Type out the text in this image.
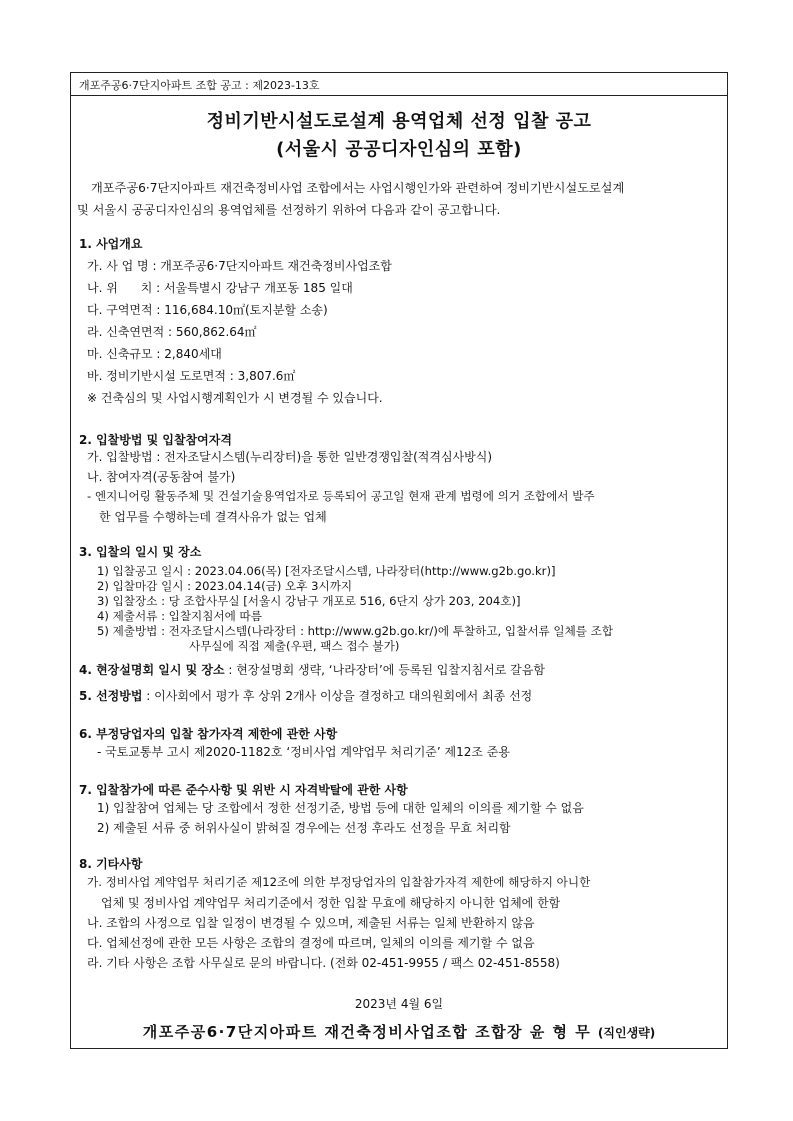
개포주공6·7단지아파트 조합 공고 : 제2023-13호
정비기반시설도로설계 용역업체 선정 입찰 공고
(서울시 공공디자인심의 포함)
개포주공6·7단지아파트 재건축정비사업 조합에서는 사업시행인가와 관련하여 정비기반시설도로설계
및 서울시 공공디자인심의 용역업체를 선정하기 위하여 다음과 같이 공고합니다.
1. 사업개요
가. 사 업 명 : 개포주공6·7단지아파트 재건축정비사업조합
나. 위      치 : 서울특별시 강남구 개포동 185 일대
다. 구역면적 : 116,684.10㎡(토지분할 소송)
라. 신축연면적 : 560,862.64㎡
마. 신축규모 : 2,840세대
바. 정비기반시설 도로면적 : 3,807.6㎡
※ 건축심의 및 사업시행계획인가 시 변경될 수 있습니다.
2. 입찰방법 및 입찰참여자격
가. 입찰방법 : 전자조달시스템(누리장터)을 통한 일반경쟁입찰(적격심사방식)
나. 참여자격(공동참여 불가)
- 엔지니어링 활동주체 및 건설기술용역업자로 등록되어 공고일 현재 관계 법령에 의거 조합에서 발주
한 업무를 수행하는데 결격사유가 없는 업체
3. 입찰의 일시 및 장소
1) 입찰공고 일시 : 2023.04.06(목) [전자조달시스템, 나라장터(http://www.g2b.go.kr)]
2) 입찰마감 일시 : 2023.04.14(금) 오후 3시까지
3) 입찰장소 : 당 조합사무실 [서울시 강남구 개포로 516, 6단지 상가 203, 204호)]
4) 제출서류 : 입찰지침서에 따름
5) 제출방법 : 전자조달시스템(나라장터 : http://www.g2b.go.kr/)에 투찰하고, 입찰서류 일체를 조합
사무실에 직접 제출(우편, 팩스 접수 불가)
4. 현장설명회 일시 및 장소 : 현장설명회 생략, ‘나라장터’에 등록된 입찰지침서로 갈음함
5. 선정방법 : 이사회에서 평가 후 상위 2개사 이상을 결정하고 대의원회에서 최종 선정
6. 부정당업자의 입찰 참가자격 제한에 관한 사항
- 국토교통부 고시 제2020-1182호 ‘정비사업 계약업무 처리기준’ 제12조 준용
7. 입찰참가에 따른 준수사항 및 위반 시 자격박탈에 관한 사항
1) 입찰참여 업체는 당 조합에서 정한 선정기준, 방법 등에 대한 일체의 이의를 제기할 수 없음
2) 제출된 서류 중 허위사실이 밝혀질 경우에는 선정 후라도 선정을 무효 처리함
8. 기타사항
가. 정비사업 계약업무 처리기준 제12조에 의한 부정당업자의 입찰참가자격 제한에 해당하지 아니한
업체 및 정비사업 계약업무 처리기준에서 정한 입찰 무효에 해당하지 아니한 업체에 한함
나. 조합의 사정으로 입찰 일정이 변경될 수 있으며, 제출된 서류는 일체 반환하지 않음
다. 업체선정에 관한 모든 사항은 조합의 결정에 따르며, 일체의 이의를 제기할 수 없음
라. 기타 사항은 조합 사무실로 문의 바랍니다. (전화 02-451-9955 / 팩스 02-451-8558)
2023년 4월 6일
개포주공6·7단지아파트 재건축정비사업조합 조합장 윤 형 무 (직인생략)
